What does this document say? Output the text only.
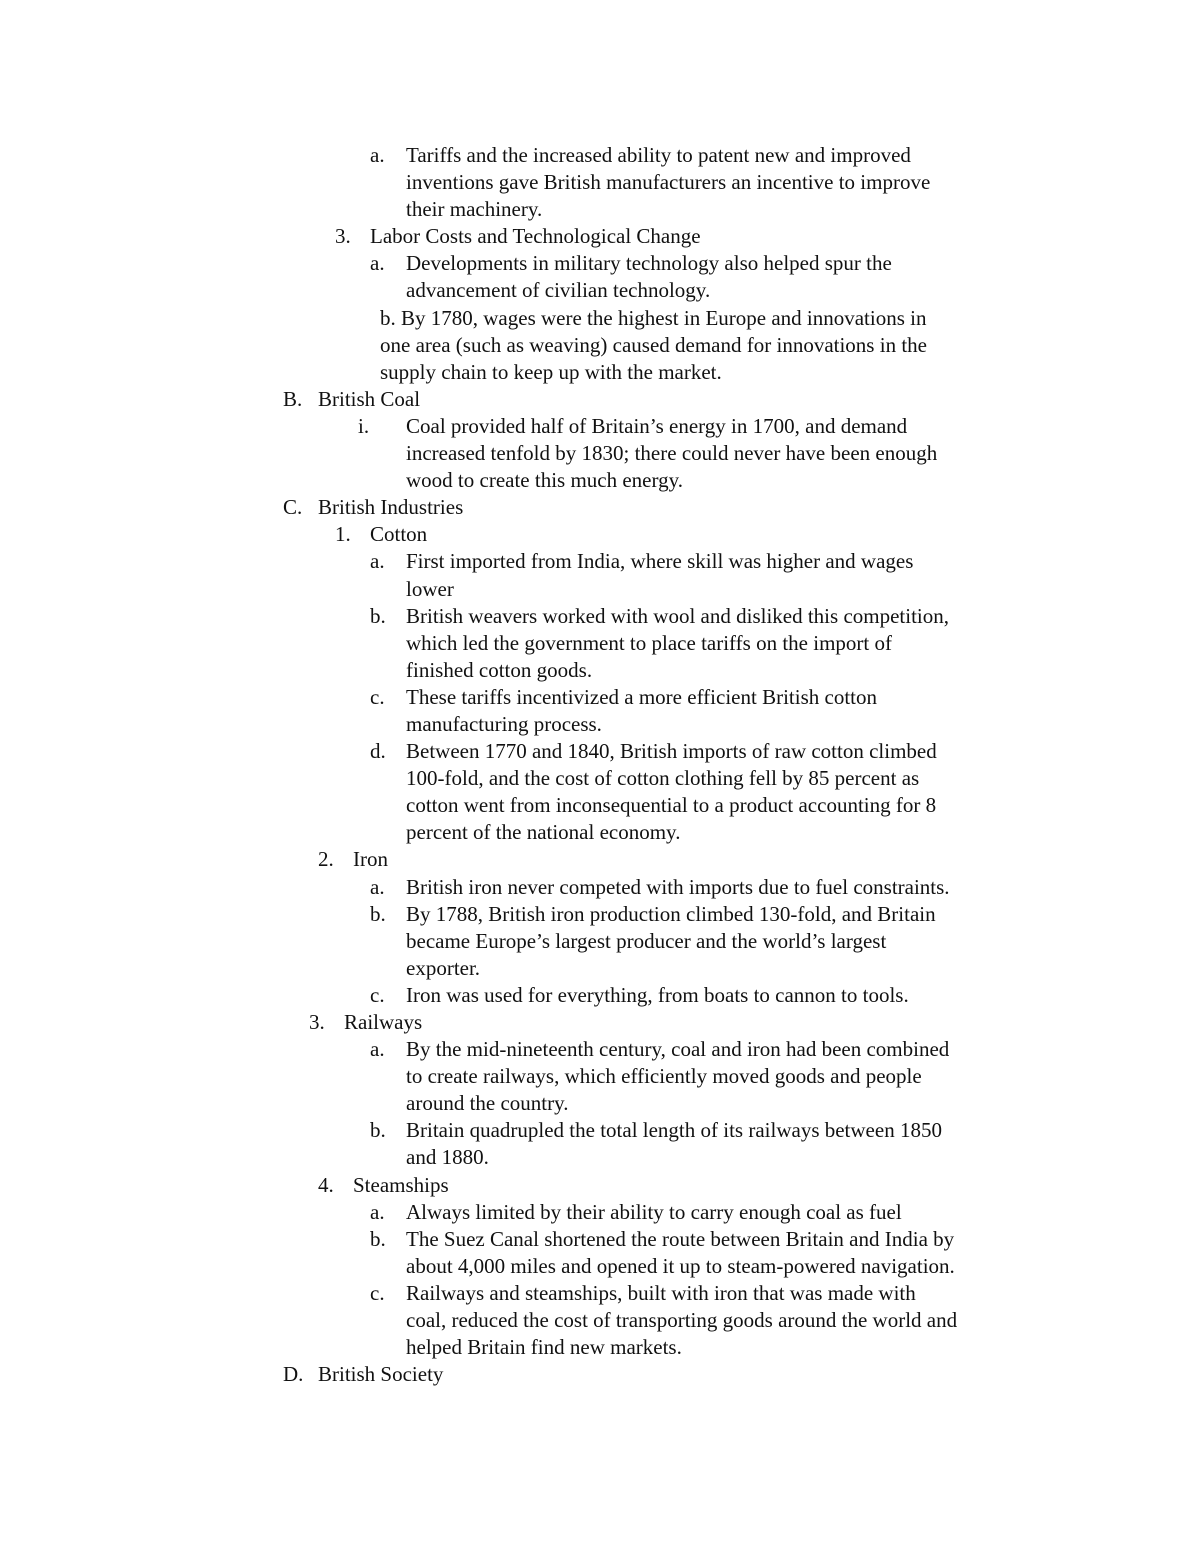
a. Tariffs and the increased ability to patent new and improved
inventions gave British manufacturers an incentive to improve
their machinery.
3. Labor Costs and Technological Change
a. Developments in military technology also helped spur the
advancement of civilian technology.
b. By 1780, wages were the highest in Europe and innovations in
one area (such as weaving) caused demand for innovations in the
supply chain to keep up with the market.
B. British Coal
i. Coal provided half of Britain’s energy in 1700, and demand
increased tenfold by 1830; there could never have been enough
wood to create this much energy.
C. British Industries
1. Cotton
a. First imported from India, where skill was higher and wages
lower
b. British weavers worked with wool and disliked this competition,
which led the government to place tariffs on the import of
finished cotton goods.
c. These tariffs incentivized a more efficient British cotton
manufacturing process.
d. Between 1770 and 1840, British imports of raw cotton climbed
100-fold, and the cost of cotton clothing fell by 85 percent as
cotton went from inconsequential to a product accounting for 8
percent of the national economy.
2. Iron
a. British iron never competed with imports due to fuel constraints.
b. By 1788, British iron production climbed 130-fold, and Britain
became Europe’s largest producer and the world’s largest
exporter.
c. Iron was used for everything, from boats to cannon to tools.
3. Railways
a. By the mid-nineteenth century, coal and iron had been combined
to create railways, which efficiently moved goods and people
around the country.
b. Britain quadrupled the total length of its railways between 1850
and 1880.
4. Steamships
a. Always limited by their ability to carry enough coal as fuel
b. The Suez Canal shortened the route between Britain and India by
about 4,000 miles and opened it up to steam-powered navigation.
c. Railways and steamships, built with iron that was made with
coal, reduced the cost of transporting goods around the world and
helped Britain find new markets.
D. British Society
